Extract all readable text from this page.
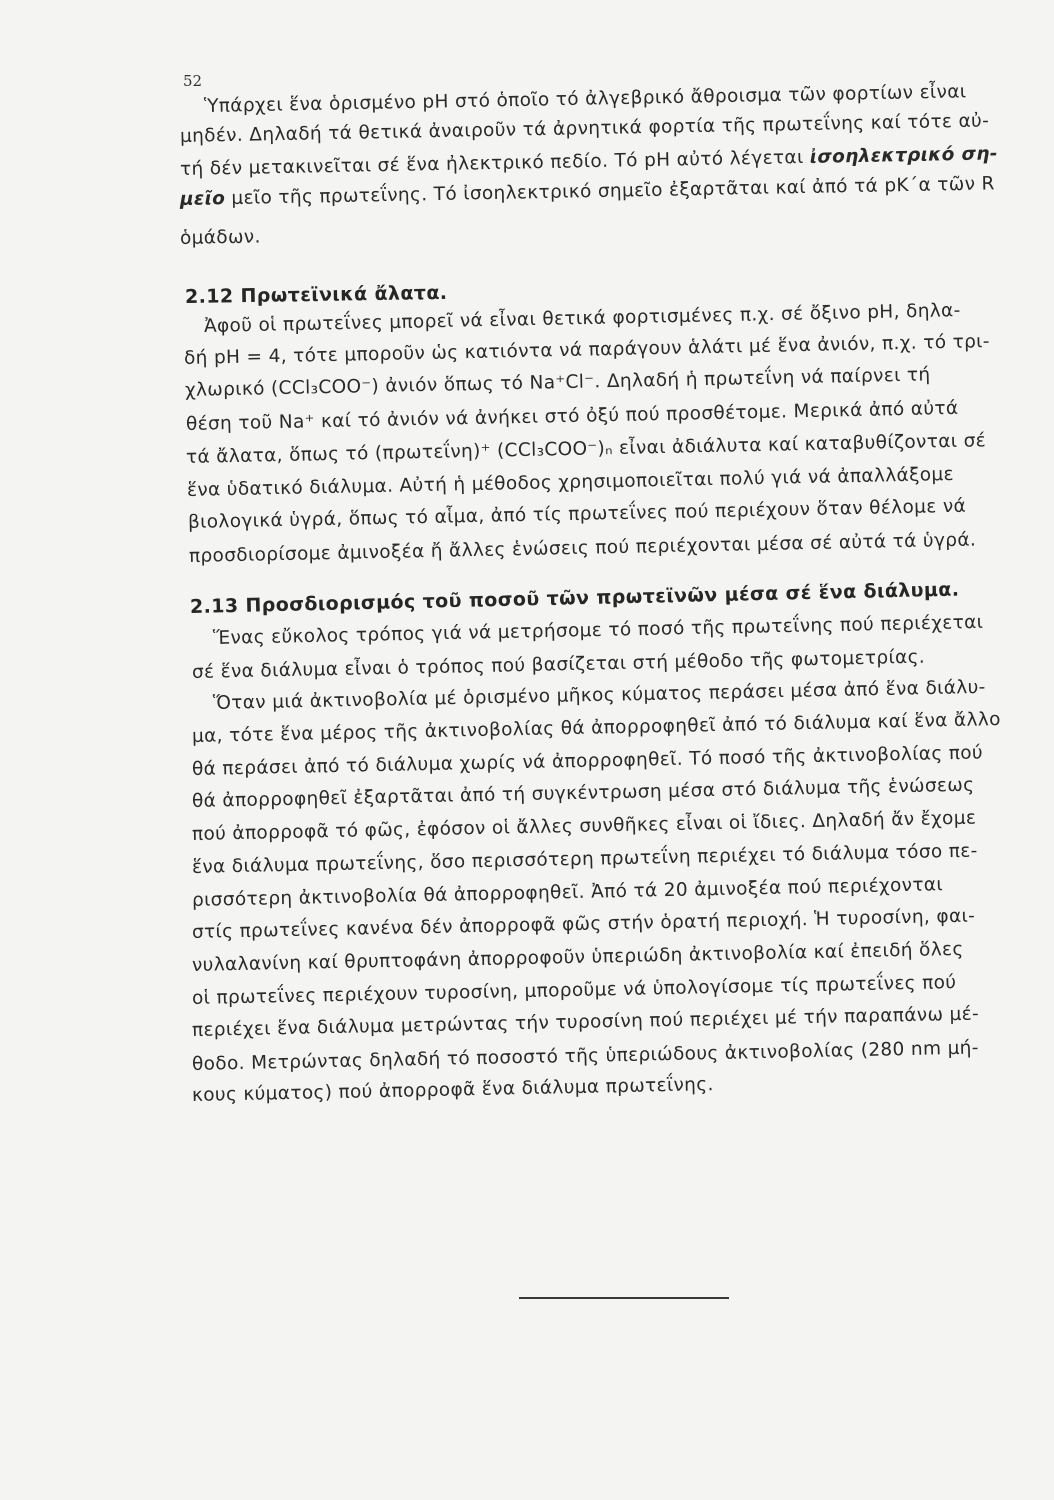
52
Ὑπάρχει ἕνα ὁρισμένο pH στό ὁποῖο τό ἀλγεβρικό ἄθροισμα τῶν φορτίων εἶναι
μηδέν. Δηλαδή τά θετικά ἀναιροῦν τά ἀρνητικά φορτία τῆς πρωτεΐνης καί τότε αὐ-
τή δέν μετακινεῖται σέ ἕνα ἠλεκτρικό πεδίο. Τό pH αὐτό λέγεται ἰσοηλεκτρικό ση-
μεῖο μεῖο τῆς πρωτεΐνης. Τό ἰσοηλεκτρικό σημεῖο ἐξαρτᾶται καί ἀπό τά pK΄α τῶν R
ὁμάδων.
2.12 Πρωτεϊνικά ἄλατα.
Ἀφοῦ οἱ πρωτεΐνες μπορεῖ νά εἶναι θετικά φορτισμένες π.χ. σέ ὄξινο pH, δηλα-
δή pH = 4, τότε μποροῦν ὡς κατιόντα νά παράγουν ἁλάτι μέ ἕνα ἀνιόν, π.χ. τό τρι-
χλωρικό (CCl₃COO⁻) ἀνιόν ὅπως τό Na⁺Cl⁻. Δηλαδή ἡ πρωτεΐνη νά παίρνει τή
θέση τοῦ Na⁺ καί τό ἀνιόν νά ἀνήκει στό ὀξύ πού προσθέτομε. Μερικά ἀπό αὐτά
τά ἄλατα, ὅπως τό (πρωτεΐνη)⁺ (CCl₃COO⁻)ₙ εἶναι ἀδιάλυτα καί καταβυθίζονται σέ
ἕνα ὑδατικό διάλυμα. Αὐτή ἡ μέθοδος χρησιμοποιεῖται πολύ γιά νά ἀπαλλάξομε
βιολογικά ὑγρά, ὅπως τό αἷμα, ἀπό τίς πρωτεΐνες πού περιέχουν ὅταν θέλομε νά
προσδιορίσομε ἀμινοξέα ἤ ἄλλες ἑνώσεις πού περιέχονται μέσα σέ αὐτά τά ὑγρά.
2.13 Προσδιορισμός τοῦ ποσοῦ τῶν πρωτεϊνῶν μέσα σέ ἕνα διάλυμα.
Ἕνας εὔκολος τρόπος γιά νά μετρήσομε τό ποσό τῆς πρωτεΐνης πού περιέχεται
σέ ἕνα διάλυμα εἶναι ὁ τρόπος πού βασίζεται στή μέθοδο τῆς φωτομετρίας.
Ὅταν μιά ἀκτινοβολία μέ ὁρισμένο μῆκος κύματος περάσει μέσα ἀπό ἕνα διάλυ-
μα, τότε ἕνα μέρος τῆς ἀκτινοβολίας θά ἀπορροφηθεῖ ἀπό τό διάλυμα καί ἕνα ἄλλο
θά περάσει ἀπό τό διάλυμα χωρίς νά ἀπορροφηθεῖ. Τό ποσό τῆς ἀκτινοβολίας πού
θά ἀπορροφηθεῖ ἐξαρτᾶται ἀπό τή συγκέντρωση μέσα στό διάλυμα τῆς ἑνώσεως
πού ἀπορροφᾶ τό φῶς, ἐφόσον οἱ ἄλλες συνθῆκες εἶναι οἱ ἴδιες. Δηλαδή ἄν ἔχομε
ἕνα διάλυμα πρωτεΐνης, ὅσο περισσότερη πρωτεΐνη περιέχει τό διάλυμα τόσο πε-
ρισσότερη ἀκτινοβολία θά ἀπορροφηθεῖ. Ἀπό τά 20 ἀμινοξέα πού περιέχονται
στίς πρωτεΐνες κανένα δέν ἀπορροφᾶ φῶς στήν ὁρατή περιοχή. Ἡ τυροσίνη, φαι-
νυλαλανίνη καί θρυπτοφάνη ἀπορροφοῦν ὑπεριώδη ἀκτινοβολία καί ἐπειδή ὅλες
οἱ πρωτεΐνες περιέχουν τυροσίνη, μποροῦμε νά ὑπολογίσομε τίς πρωτεΐνες πού
περιέχει ἕνα διάλυμα μετρώντας τήν τυροσίνη πού περιέχει μέ τήν παραπάνω μέ-
θοδο. Μετρώντας δηλαδή τό ποσοστό τῆς ὑπεριώδους ἀκτινοβολίας (280 nm μή-
κους κύματος) πού ἀπορροφᾶ ἕνα διάλυμα πρωτεΐνης.
